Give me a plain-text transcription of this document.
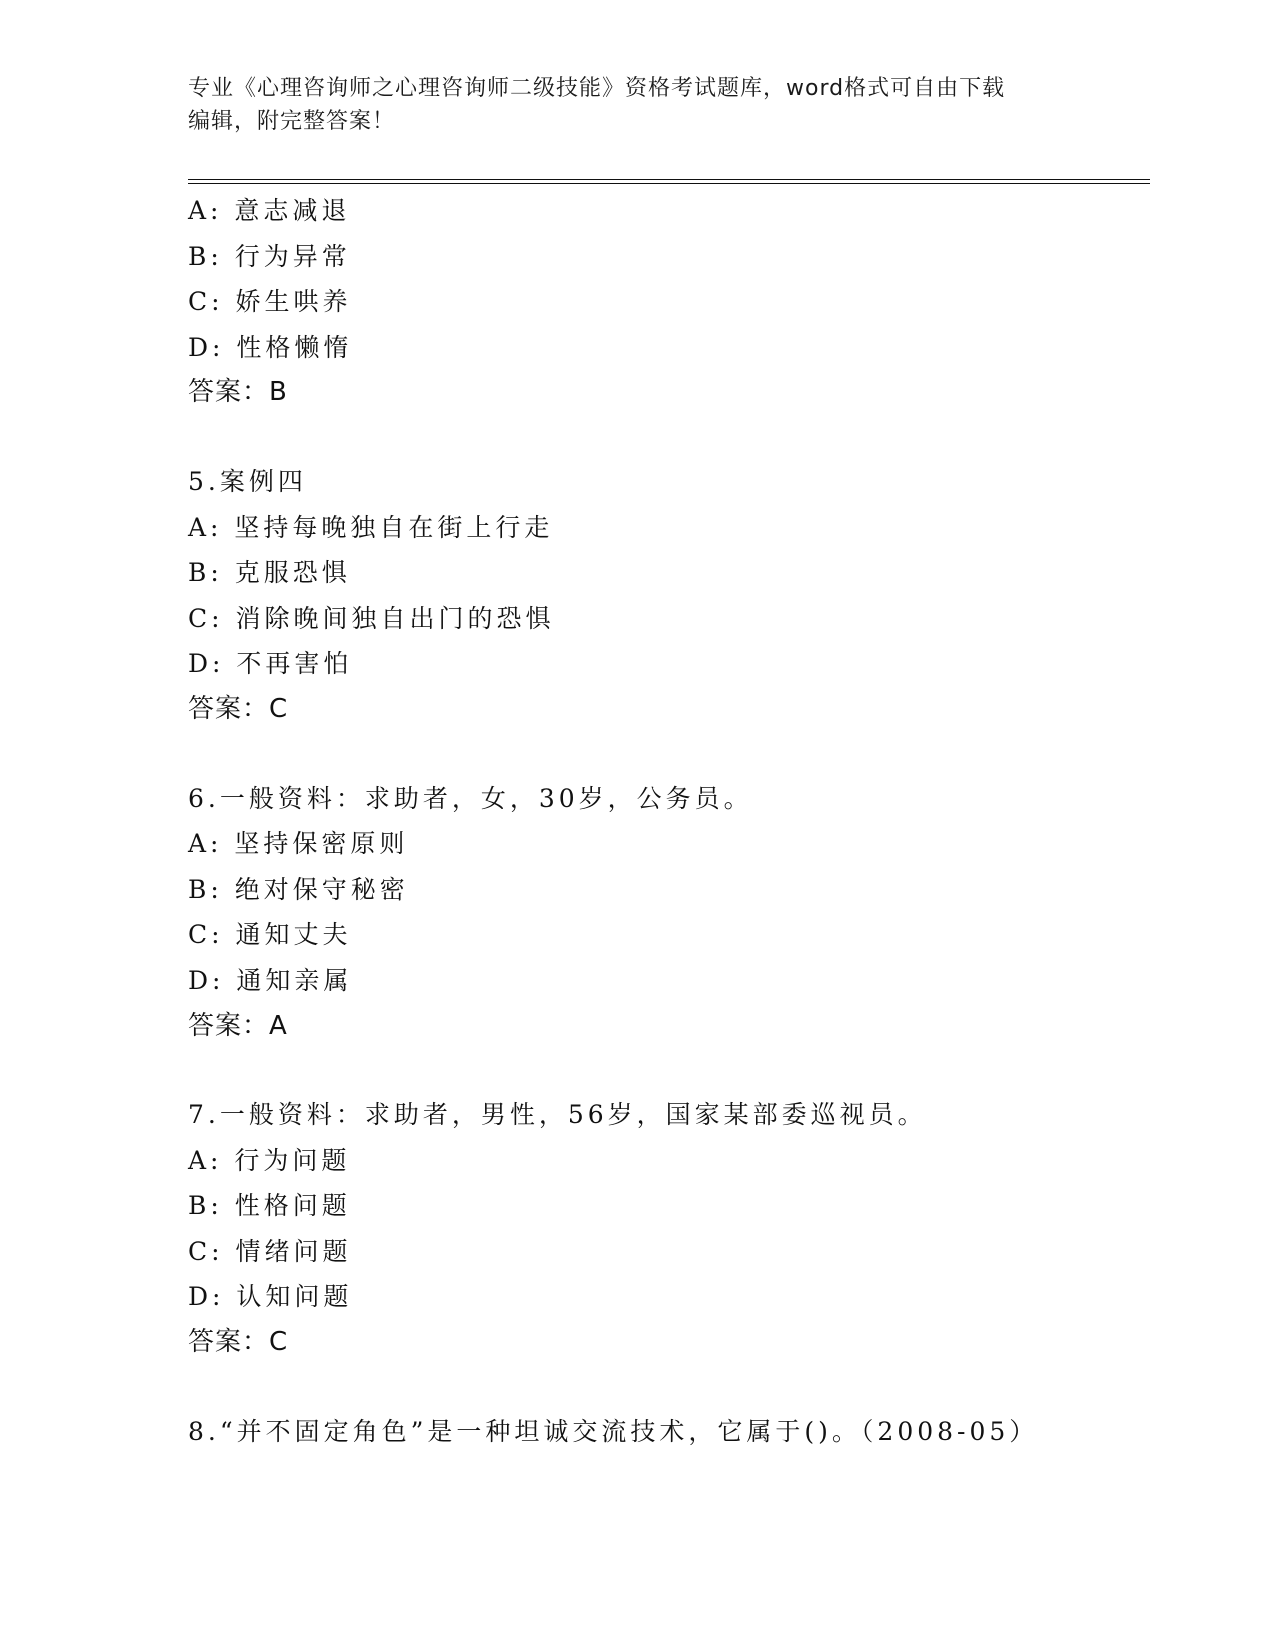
专业《心理咨询师之心理咨询师二级技能》资格考试题库，word格式可自由下载
编辑，附完整答案！
A: 意志减退
B: 行为异常
C: 娇生哄养
D: 性格懒惰
答案：B
5.案例四
A: 坚持每晚独自在街上行走
B: 克服恐惧
C: 消除晚间独自出门的恐惧
D: 不再害怕
答案：C
6.一般资料：求助者，女，30岁，公务员。
A: 坚持保密原则
B: 绝对保守秘密
C: 通知丈夫
D: 通知亲属
答案：A
7.一般资料：求助者，男性，56岁，国家某部委巡视员。
A: 行为问题
B: 性格问题
C: 情绪问题
D: 认知问题
答案：C
8.“并不固定角色”是一种坦诚交流技术，它属于()。（2008-05）
